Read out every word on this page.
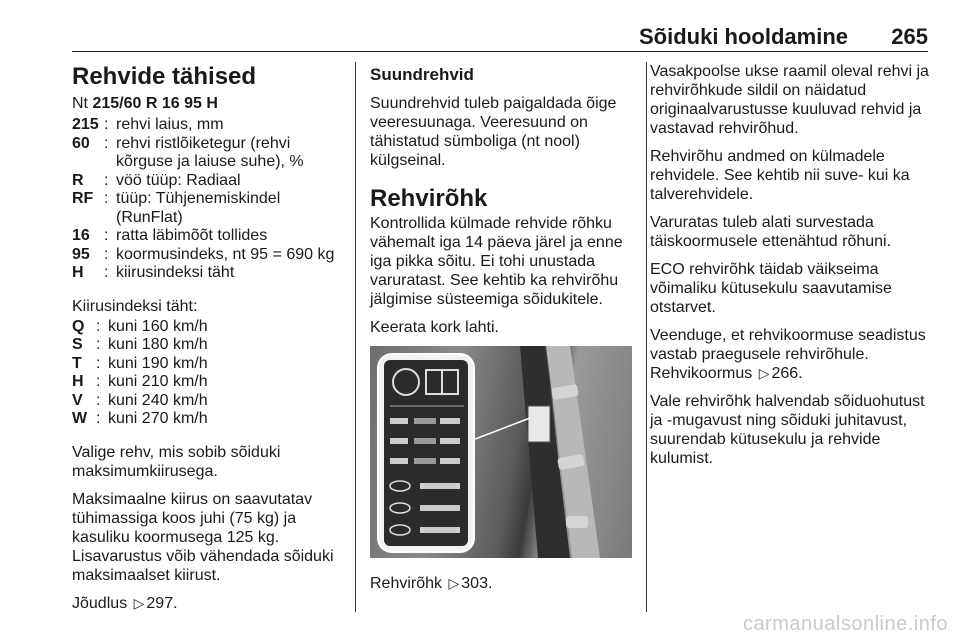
Sõiduki hooldamine 265
Rehvide tähised
Nt 215/60 R 16 95 H
215 : rehvi laius, mm
60 : rehvi ristlõiketegur (rehvi kõrguse ja laiuse suhe), %
R	: vöö tüüp: Radiaal
RF : tüüp: Tühjenemiskindel (RunFlat)
16 : ratta läbimõõt tollides
95 : koormusindeks, nt 95 = 690 kg
H	: kiirusindeksi täht

Kiirusindeksi täht:

Q : kuni 160 km/h
S : kuni 180 km/h
T : kuni 190 km/h
H : kuni 210 km/h
V : kuni 240 km/h
W : kuni 270 km/h

Valige rehv, mis sobib sõiduki maksimumkiirusega.

Maksimaalne kiirus on saavutatav tühimassiga koos juhi (75 kg) ja kasuliku koormusega 125 kg. Lisavarustus võib vähendada sõiduki maksimaalset kiirust.

Jõudlus ▷ 297.

Suundrehvid

Suundrehvid tuleb paigaldada õige veeresuunaga. Veeresuund on tähistatud sümboliga (nt nool) külgseinal.

Rehvirõhk

Kontrollida külmade rehvide rõhku vähemalt iga 14 päeva järel ja enne iga pikka sõitu. Ei tohi unustada varuratast. See kehtib ka rehvirõhu jälgimise süsteemiga sõidukitele.

Keerata kork lahti.

Rehvirõhk ▷ 303.

Vasakpoolse ukse raamil oleval rehvi ja rehvirõhkude sildil on näidatud originaalvarustusse kuuluvad rehvid ja vastavad rehvirõhud.

Rehvirõhu andmed on külmadele rehvidele. See kehtib nii suve- kui ka talverehvidele.

Varuratas tuleb alati survestada täiskoormusele ettenähtud rõhuni.

ECO rehvirõhk täidab väikseima võimaliku kütusekulu saavutamise otstarvet.

Veenduge, et rehvikoormuse seadistus vastab praegusele rehvirõhule. Rehvikoormus ▷ 266.

Vale rehvirõhk halvendab sõiduohutust ja -mugavust ning sõiduki juhitavust, suurendab kütusekulu ja rehvide kulumist.

carmanualsonline.info
